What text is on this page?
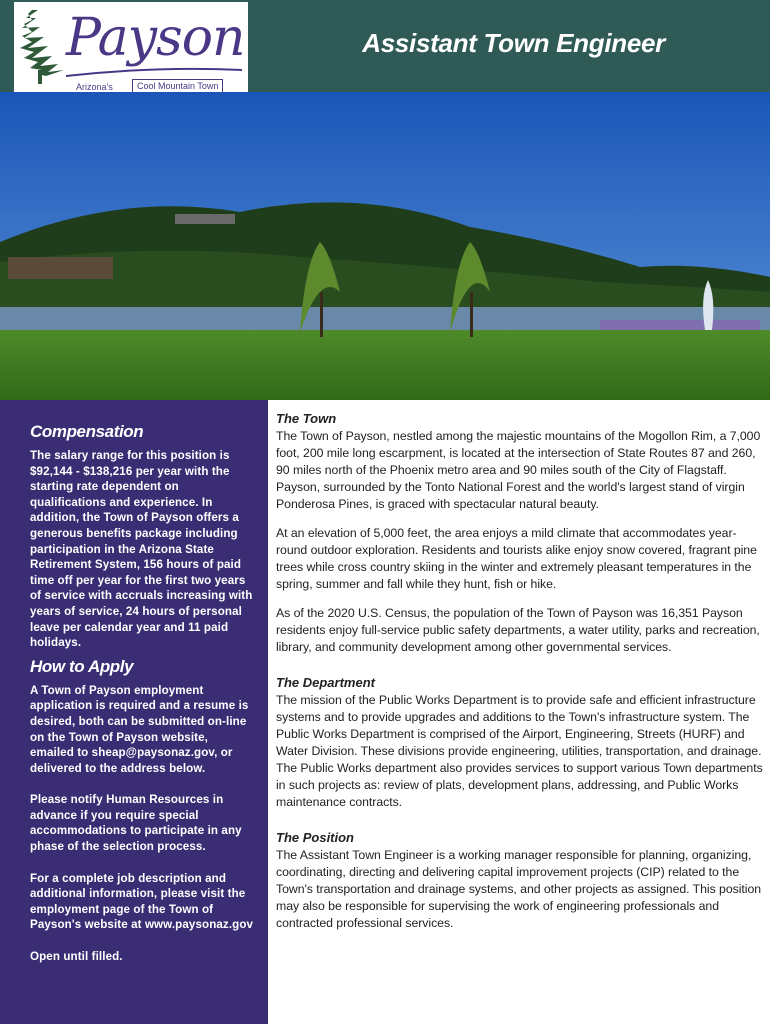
Payson
Arizona's	Cool Mountain Town
Assistant Town Engineer
Compensation

The salary range for this position is $92,144 - $138,216 per year with the starting rate dependent on qualifications and experience. In addition, the Town of Payson offers a generous benefits package including participation in the Arizona State Retirement System, 156 hours of paid time off per year for the first two years of service with accruals increasing with years of service, 24 hours of personal leave per calendar year and 11 paid holidays.

How to Apply

A Town of Payson employment application is required and a resume is desired, both can be submitted on-line on the Town of Payson website, emailed to sheap@paysonaz.gov, or delivered to the address below.

Please notify Human Resources in advance if you require special accommodations to participate in any phase of the selection process.

For a complete job description and additional information, please visit the employment page of the Town of Payson's website at www.paysonaz.gov

Open until filled.

The Town

The Town of Payson, nestled among the majestic mountains of the Mogollon Rim, a 7,000 foot, 200 mile long escarpment, is located at the intersection of State Routes 87 and 260, 90 miles north of the Phoenix metro area and 90 miles south of the City of Flagstaff. Payson, surrounded by the Tonto National Forest and the world's largest stand of virgin Ponderosa Pines, is graced with spectacular natural beauty.

At an elevation of 5,000 feet, the area enjoys a mild climate that accommodates year-round outdoor exploration. Residents and tourists alike enjoy snow covered, fragrant pine trees while cross country skiing in the winter and extremely pleasant temperatures in the spring, summer and fall while they hunt, fish or hike.

As of the 2020 U.S. Census, the population of the Town of Payson was 16,351 Payson residents enjoy full-service public safety departments, a water utility, parks and recreation, library, and community development among other governmental services.

The Department

The mission of the Public Works Department is to provide safe and efficient infrastructure systems and to provide upgrades and additions to the Town's infrastructure system. The Public Works Department is comprised of the Airport, Engineering, Streets (HURF) and Water Division. These divisions provide engineering, utilities, transportation, and drainage. The Public Works department also provides services to support various Town departments in such projects as: review of plats, development plans, addressing, and Public Works maintenance contracts.

The Position

The Assistant Town Engineer is a working manager responsible for planning, organizing, coordinating, directing and delivering capital improvement projects (CIP) related to the Town's transportation and drainage systems, and other projects as assigned. This position may also be responsible for supervising the work of engineering professionals and contracted professional services.
